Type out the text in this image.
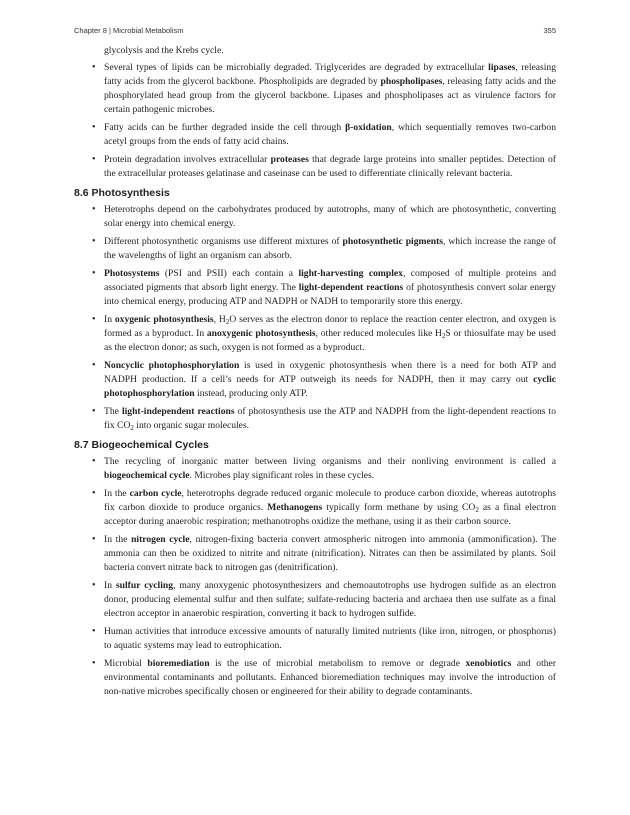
Chapter 8 | Microbial Metabolism	355

glycolysis and the Krebs cycle.

• Several types of lipids can be microbially degraded. Triglycerides are degraded by extracellular lipases, releasing fatty acids from the glycerol backbone. Phospholipids are degraded by phospholipases, releasing fatty acids and the phosphorylated head group from the glycerol backbone. Lipases and phospholipases act as virulence factors for certain pathogenic microbes.
• Fatty acids can be further degraded inside the cell through β-oxidation, which sequentially removes two-carbon acetyl groups from the ends of fatty acid chains.
• Protein degradation involves extracellular proteases that degrade large proteins into smaller peptides. Detection of the extracellular proteases gelatinase and caseinase can be used to differentiate clinically relevant bacteria.
8.6 Photosynthesis
• Heterotrophs depend on the carbohydrates produced by autotrophs, many of which are photosynthetic, converting solar energy into chemical energy.
• Different photosynthetic organisms use different mixtures of photosynthetic pigments, which increase the range of the wavelengths of light an organism can absorb.
• Photosystems (PSI and PSII) each contain a light-harvesting complex, composed of multiple proteins and associated pigments that absorb light energy. The light-dependent reactions of photosynthesis convert solar energy into chemical energy, producing ATP and NADPH or NADH to temporarily store this energy.
• In oxygenic photosynthesis, $H_2O$ serves as the electron donor to replace the reaction center electron, and oxygen is formed as a byproduct. In anoxygenic photosynthesis, other reduced molecules like $H_2S$ or thiosulfate may be used as the electron donor; as such, oxygen is not formed as a byproduct.
• Noncyclic photophosphorylation is used in oxygenic photosynthesis when there is a need for both ATP and NADPH production. If a cell’s needs for ATP outweigh its needs for NADPH, then it may carry out cyclic photophosphorylation instead, producing only ATP.
• The light-independent reactions of photosynthesis use the ATP and NADPH from the light-dependent reactions to fix $CO_2$ into organic sugar molecules.
8.7 Biogeochemical Cycles
• The recycling of inorganic matter between living organisms and their nonliving environment is called a biogeochemical cycle. Microbes play significant roles in these cycles.
• In the carbon cycle, heterotrophs degrade reduced organic molecule to produce carbon dioxide, whereas autotrophs fix carbon dioxide to produce organics. Methanogens typically form methane by using $CO_2$ as a final electron acceptor during anaerobic respiration; methanotrophs oxidize the methane, using it as their carbon source.
• In the nitrogen cycle, nitrogen-fixing bacteria convert atmospheric nitrogen into ammonia (ammonification). The ammonia can then be oxidized to nitrite and nitrate (nitrification). Nitrates can then be assimilated by plants. Soil bacteria convert nitrate back to nitrogen gas (denitrification).
• In sulfur cycling, many anoxygenic photosynthesizers and chemoautotrophs use hydrogen sulfide as an electron donor, producing elemental sulfur and then sulfate; sulfate-reducing bacteria and archaea then use sulfate as a final electron acceptor in anaerobic respiration, converting it back to hydrogen sulfide.
• Human activities that introduce excessive amounts of naturally limited nutrients (like iron, nitrogen, or phosphorus) to aquatic systems may lead to eutrophication.
• Microbial bioremediation is the use of microbial metabolism to remove or degrade xenobiotics and other environmental contaminants and pollutants. Enhanced bioremediation techniques may involve the introduction of non-native microbes specifically chosen or engineered for their ability to degrade contaminants.
